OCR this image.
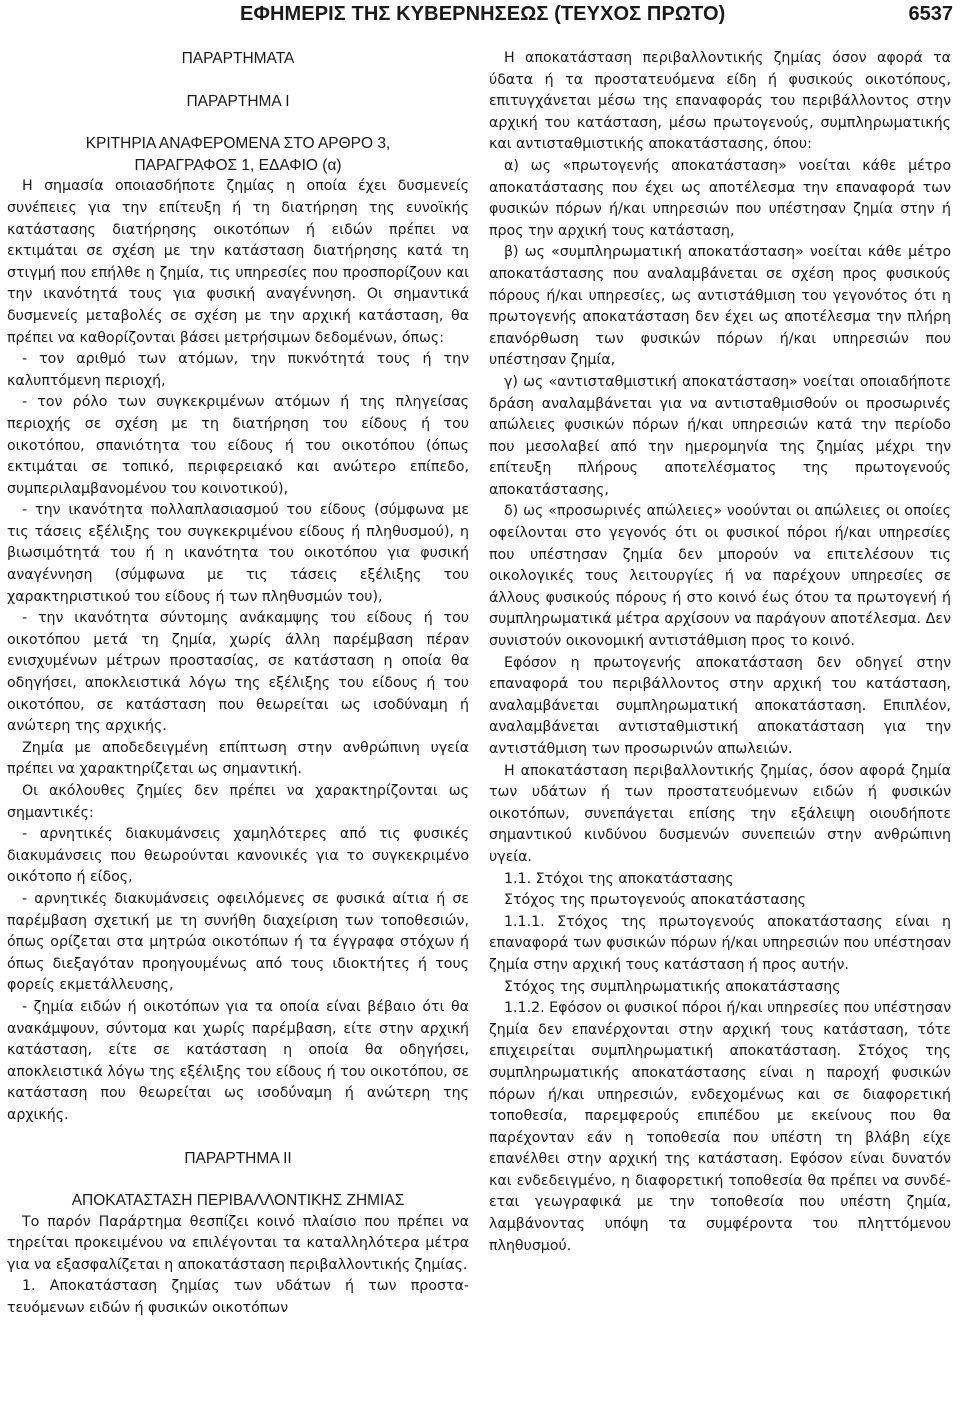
ΕΦΗΜΕΡΙΣ ΤΗΣ ΚΥΒΕΡΝΗΣΕΩΣ (ΤΕΥΧΟΣ ΠΡΩΤΟ)	6537
ΠΑΡΑΡΤΗΜΑΤΑ
ΠΑΡΑΡΤΗΜΑ Ι
ΚΡΙΤΗΡΙΑ ΑΝΑΦΕΡΟΜΕΝΑ ΣΤΟ ΑΡΘΡΟ 3,
ΠΑΡΑΓΡΑΦΟΣ 1, ΕΔΑΦΙΟ (α)

Η σημασία οποιασδήποτε ζημίας η οποία έχει δυσμενείς συνέπειες για την επίτευξη ή τη διατήρηση της ευνοϊκής κατάστασης διατήρησης οικοτόπων ή ειδών πρέπει να εκτιμάται σε σχέση με την κατάσταση διατήρησης κατά τη στιγμή που επήλθε η ζημία, τις υπηρεσίες που προσπορίζουν και την ικανότητά τους για φυσική αναγέννηση. Οι σημαντικά δυσμενείς μεταβολές σε σχέση με την αρχική κατάσταση, θα πρέπει να καθορίζονται βάσει μετρήσιμων δεδομένων, όπως:

- τον αριθμό των ατόμων, την πυκνότητά τους ή την καλυπτόμενη περιοχή,

- τον ρόλο των συγκεκριμένων ατόμων ή της πληγείσας περιοχής σε σχέση με τη διατήρηση του είδους ή του οικοτόπου, σπανιότητα του είδους ή του οικοτόπου (όπως εκτιμάται σε τοπικό, περιφερειακό και ανώτερο επίπεδο, συμπεριλαμβανομένου του κοινοτικού),

- την ικανότητα πολλαπλασιασμού του είδους (σύμφωνα με τις τάσεις εξέλιξης του συγκεκριμένου είδους ή πληθυσμού), η βιωσιμότητά του ή η ικανότητα του οικοτόπου για φυσική αναγέννηση (σύμφωνα με τις τάσεις εξέλιξης του χαρακτηριστικού του είδους ή των πληθυσμών του),

- την ικανότητα σύντομης ανάκαμψης του είδους ή του οικοτόπου μετά τη ζημία, χωρίς άλλη παρέμβαση πέραν ενισχυμένων μέτρων προστασίας, σε κατάσταση η οποία θα οδηγήσει, αποκλειστικά λόγω της εξέλιξης του είδους ή του οικοτόπου, σε κατάσταση που θεωρείται ως ισοδύναμη ή ανώτερη της αρχικής.

Ζημία με αποδεδειγμένη επίπτωση στην ανθρώπινη υγεία πρέπει να χαρακτηρίζεται ως σημαντική.

Οι ακόλουθες ζημίες δεν πρέπει να χαρακτηρίζονται ως σημαντικές:

- αρνητικές διακυμάνσεις χαμηλότερες από τις φυσικές διακυμάνσεις που θεωρούνται κανονικές για το συγκεκριμένο οικότοπο ή είδος,

- αρνητικές διακυμάνσεις οφειλόμενες σε φυσικά αίτια ή σε παρέμβαση σχετική με τη συνήθη διαχείριση των τοποθεσιών, όπως ορίζεται στα μητρώα οικοτόπων ή τα έγγραφα στόχων ή όπως διεξαγόταν προηγουμένως από τους ιδιοκτήτες ή τους φορείς εκμετάλλευσης,

- ζημία ειδών ή οικοτόπων για τα οποία είναι βέβαιο ότι θα ανακάμψουν, σύντομα και χωρίς παρέμβαση, είτε στην αρχική κατάσταση, είτε σε κατάσταση η οποία θα οδηγήσει, αποκλειστικά λόγω της εξέλιξης του είδους ή του οικοτόπου, σε κατάσταση που θεωρείται ως ισοδύναμη ή ανώτερη της αρχικής.

ΠΑΡΑΡΤΗΜΑ ΙΙ
ΑΠΟΚΑΤΑΣΤΑΣΗ ΠΕΡΙΒΑΛΛΟΝΤΙΚΗΣ ΖΗΜΙΑΣ

Το παρόν Παράρτημα θεσπίζει κοινό πλαίσιο που πρέπει να τηρείται προκειμένου να επιλέγονται τα καταλληλότερα μέτρα για να εξασφαλίζεται η αποκατάσταση περιβαλλοντικής ζημίας.

1. Αποκατάσταση ζημίας των υδάτων ή των προστατευόμενων ειδών ή φυσικών οικοτόπων

Η αποκατάσταση περιβαλλοντικής ζημίας όσον αφορά τα ύδατα ή τα προστατευόμενα είδη ή φυσικούς οικοτόπους, επιτυγχάνεται μέσω της επαναφοράς του περιβάλλοντος στην αρχική του κατάσταση, μέσω πρωτογενούς, συμπληρωματικής και αντισταθμιστικής αποκατάστασης, όπου:

α) ως «πρωτογενής αποκατάσταση» νοείται κάθε μέτρο αποκατάστασης που έχει ως αποτέλεσμα την επαναφορά των φυσικών πόρων ή/και υπηρεσιών που υπέστησαν ζημία στην ή προς την αρχική τους κατάσταση,

β) ως «συμπληρωματική αποκατάσταση» νοείται κάθε μέτρο αποκατάστασης που αναλαμβάνεται σε σχέση προς φυσικούς πόρους ή/και υπηρεσίες, ως αντιστάθμιση του γεγονότος ότι η πρωτογενής αποκατάσταση δεν έχει ως αποτέλεσμα την πλήρη επανόρθωση των φυσικών πόρων ή/και υπηρεσιών που υπέστησαν ζημία,

γ) ως «αντισταθμιστική αποκατάσταση» νοείται οποιαδήποτε δράση αναλαμβάνεται για να αντισταθμισθούν οι προσωρινές απώλειες φυσικών πόρων ή/και υπηρεσιών κατά την περίοδο που μεσολαβεί από την ημερομηνία της ζημίας μέχρι την επίτευξη πλήρους αποτελέσματος της πρωτογενούς αποκατάστασης,

δ) ως «προσωρινές απώλειες» νοούνται οι απώλειες οι οποίες οφείλονται στο γεγονός ότι οι φυσικοί πόροι ή/και υπηρεσίες που υπέστησαν ζημία δεν μπορούν να επιτελέσουν τις οικολογικές τους λειτουργίες ή να παρέχουν υπηρεσίες σε άλλους φυσικούς πόρους ή στο κοινό έως ότου τα πρωτογενή ή συμπληρωματικά μέτρα αρχίσουν να παράγουν αποτέλεσμα. Δεν συνιστούν οικονομική αντιστάθμιση προς το κοινό.

Εφόσον η πρωτογενής αποκατάσταση δεν οδηγεί στην επαναφορά του περιβάλλοντος στην αρχική του κατάσταση, αναλαμβάνεται συμπληρωματική αποκατάσταση. Επιπλέον, αναλαμβάνεται αντισταθμιστική αποκατάσταση για την αντιστάθμιση των προσωρινών απωλειών.

Η αποκατάσταση περιβαλλοντικής ζημίας, όσον αφορά ζημία των υδάτων ή των προστατευόμενων ειδών ή φυσικών οικοτόπων, συνεπάγεται επίσης την εξάλειψη οιουδήποτε σημαντικού κινδύνου δυσμενών συνεπειών στην ανθρώπινη υγεία.

1.1. Στόχοι της αποκατάστασης

Στόχος της πρωτογενούς αποκατάστασης

1.1.1. Στόχος της πρωτογενούς αποκατάστασης είναι η επαναφορά των φυσικών πόρων ή/και υπηρεσιών που υπέστησαν ζημία στην αρχική τους κατάσταση ή προς αυτήν.

Στόχος της συμπληρωματικής αποκατάστασης

1.1.2. Εφόσον οι φυσικοί πόροι ή/και υπηρεσίες που υπέστησαν ζημία δεν επανέρχονται στην αρχική τους κατάσταση, τότε επιχειρείται συμπληρωματική αποκατάσταση. Στόχος της συμπληρωματικής αποκατάστασης είναι η παροχή φυσικών πόρων ή/και υπηρεσιών, ενδεχομένως και σε διαφορετική τοποθεσία, παρεμφερούς επιπέδου με εκείνους που θα παρέχονταν εάν η τοποθεσία που υπέστη τη βλάβη είχε επανέλθει στην αρχική της κατάσταση. Εφόσον είναι δυνατόν και ενδεδειγμένο, η διαφορετική τοποθεσία θα πρέπει να συνδέεται γεωγραφικά με την τοποθεσία που υπέστη ζημία, λαμβάνοντας υπόψη τα συμφέροντα του πληττόμενου πληθυσμού.
